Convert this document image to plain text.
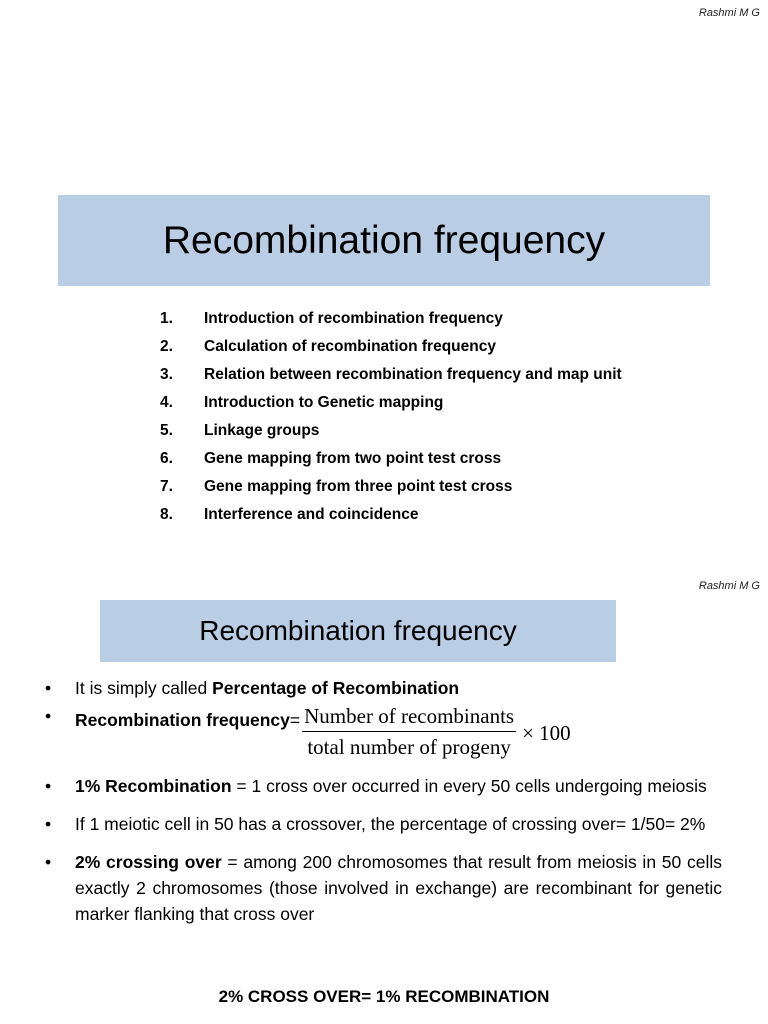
Rashmi M G
Recombination frequency
1.	Introduction of recombination frequency
2.	Calculation of recombination frequency
3.	Relation between recombination frequency and map unit
4.	Introduction to Genetic mapping
5.	Linkage groups
6.	Gene mapping from two point test cross
7.	Gene mapping from three point test cross
8.	Interference and coincidence
Rashmi M G
Recombination frequency
• It is simply called Percentage of Recombination
• Recombination frequency = $\frac{\text{Number of recombinants}}{\text{total number of progeny}} \times 100$
• 1% Recombination = 1 cross over occurred in every 50 cells undergoing meiosis
• If 1 meiotic cell in 50 has a crossover, the percentage of crossing over= 1/50= 2%
• 2% crossing over = among 200 chromosomes that result from meiosis in 50 cells exactly 2 chromosomes (those involved in exchange) are recombinant for genetic marker flanking that cross over
2% CROSS OVER= 1% RECOMBINATION
